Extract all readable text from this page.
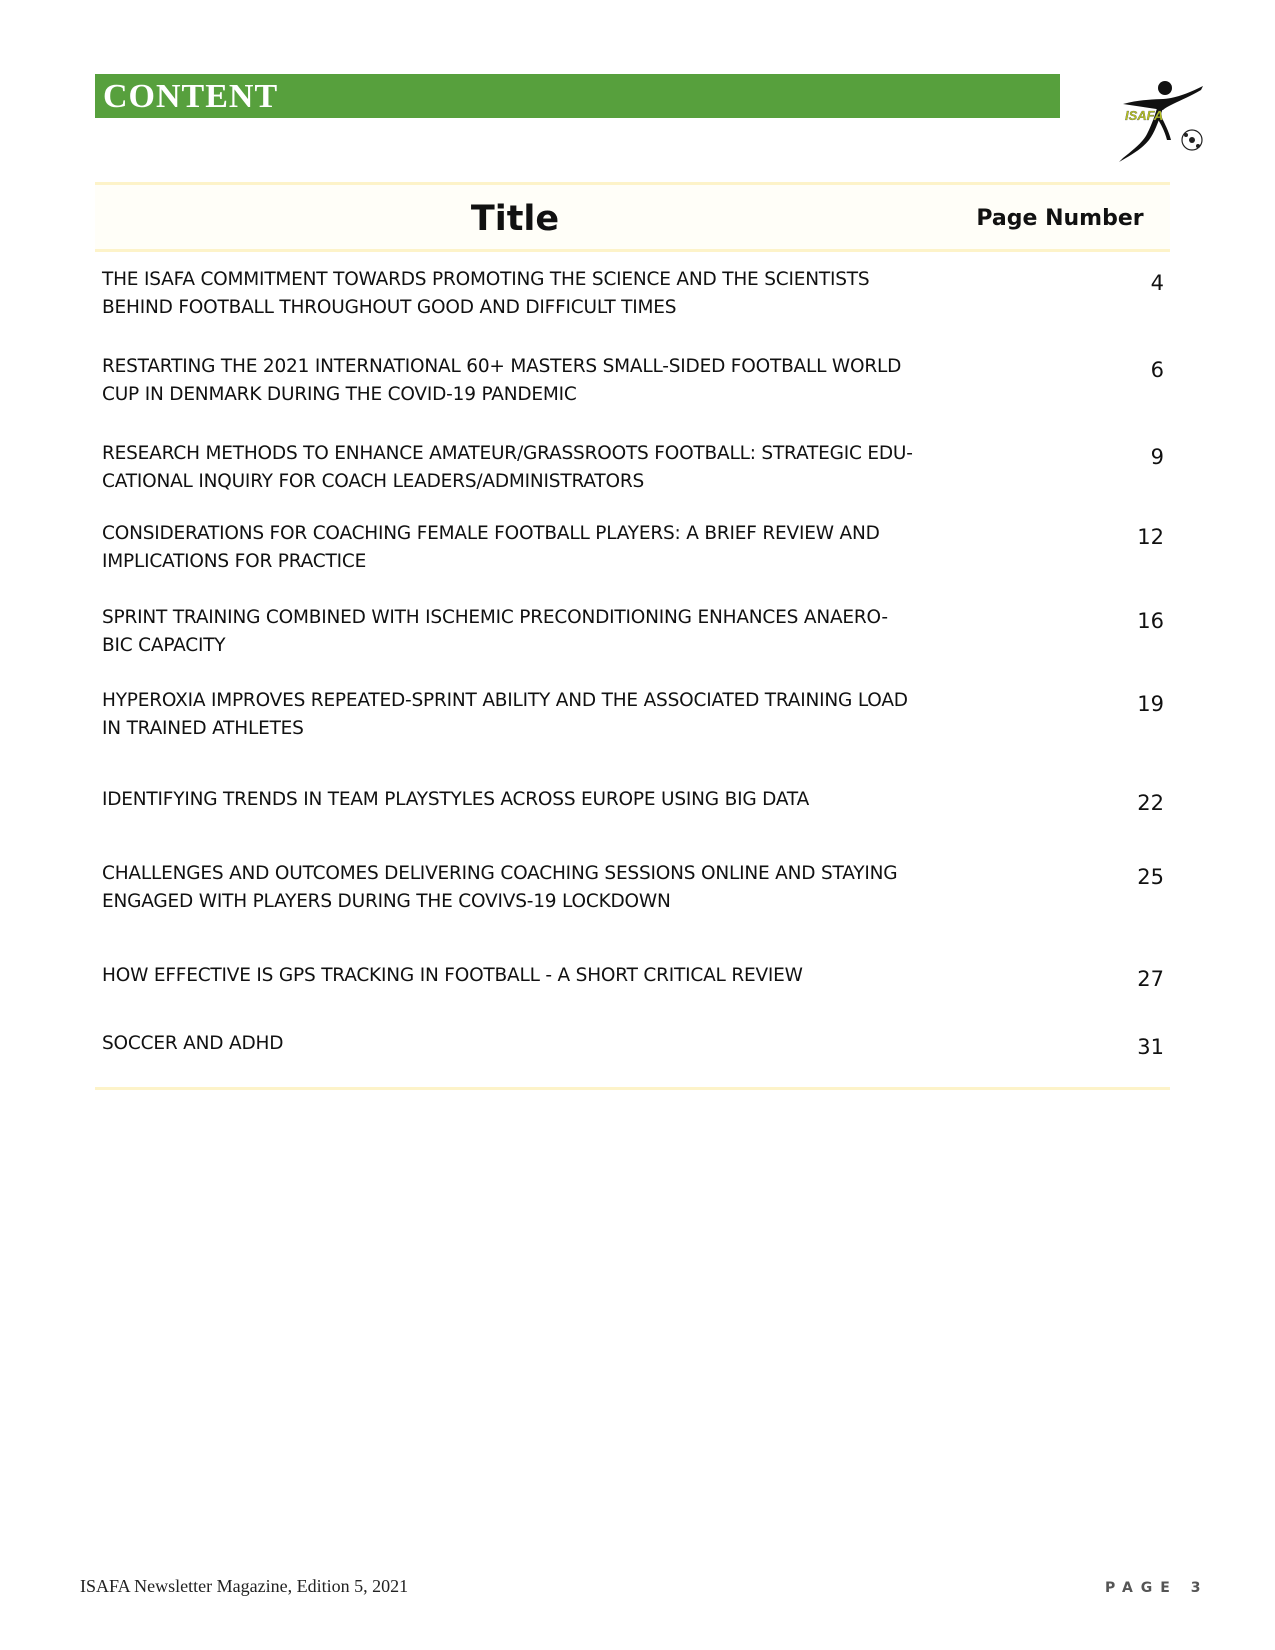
CONTENT
ISAFA
Title	Page Number
THE ISAFA COMMITMENT TOWARDS PROMOTING THE SCIENCE AND THE SCIENTISTS
BEHIND FOOTBALL THROUGHOUT GOOD AND DIFFICULT TIMES
4
RESTARTING THE 2021 INTERNATIONAL 60+ MASTERS SMALL-SIDED FOOTBALL WORLD
CUP IN DENMARK DURING THE COVID-19 PANDEMIC
6
RESEARCH METHODS TO ENHANCE AMATEUR/GRASSROOTS FOOTBALL: STRATEGIC EDU-
CATIONAL INQUIRY FOR COACH LEADERS/ADMINISTRATORS
9
CONSIDERATIONS FOR COACHING FEMALE FOOTBALL PLAYERS: A BRIEF REVIEW AND
IMPLICATIONS FOR PRACTICE
12
SPRINT TRAINING COMBINED WITH ISCHEMIC PRECONDITIONING ENHANCES ANAERO-
BIC CAPACITY
16
HYPEROXIA IMPROVES REPEATED-SPRINT ABILITY AND THE ASSOCIATED TRAINING LOAD
IN TRAINED ATHLETES
19
IDENTIFYING TRENDS IN TEAM PLAYSTYLES ACROSS EUROPE USING BIG DATA	22
CHALLENGES AND OUTCOMES DELIVERING COACHING SESSIONS ONLINE AND STAYING
ENGAGED WITH PLAYERS DURING THE COVIVS-19 LOCKDOWN
25
HOW EFFECTIVE IS GPS TRACKING IN FOOTBALL - A SHORT CRITICAL REVIEW	27
SOCCER AND ADHD	31
ISAFA Newsletter Magazine, Edition 5, 2021	PAGE 3
